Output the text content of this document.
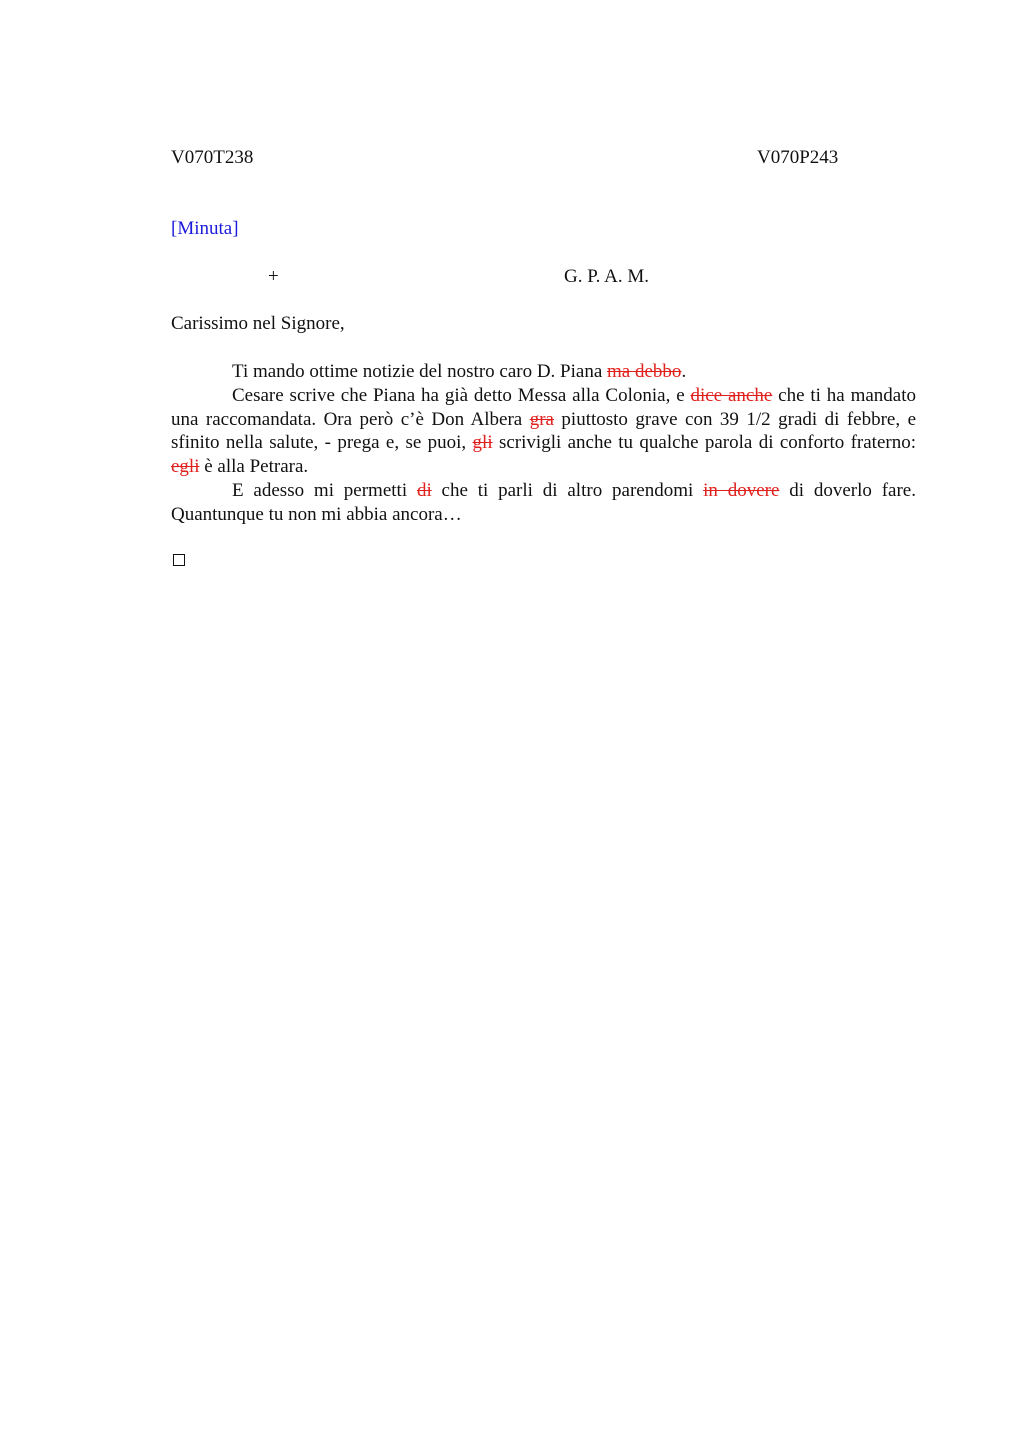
V070T238	V070P243
[Minuta]
+	G. P. A. M.
Carissimo nel Signore,

Ti mando ottime notizie del nostro caro D. Piana ma debbo.

Cesare scrive che Piana ha già detto Messa alla Colonia, e dice anche che ti ha mandato una raccomandata. Ora però c’è Don Albera gra piuttosto grave con 39 1/2 gradi di febbre, e sfinito nella salute, - prega e, se puoi, gli scrivigli anche tu qualche parola di conforto fraterno: egli è alla Petrara.

E adesso mi permetti di che ti parli di altro parendomi in dovere di doverlo fare. Quantunque tu non mi abbia ancora…
